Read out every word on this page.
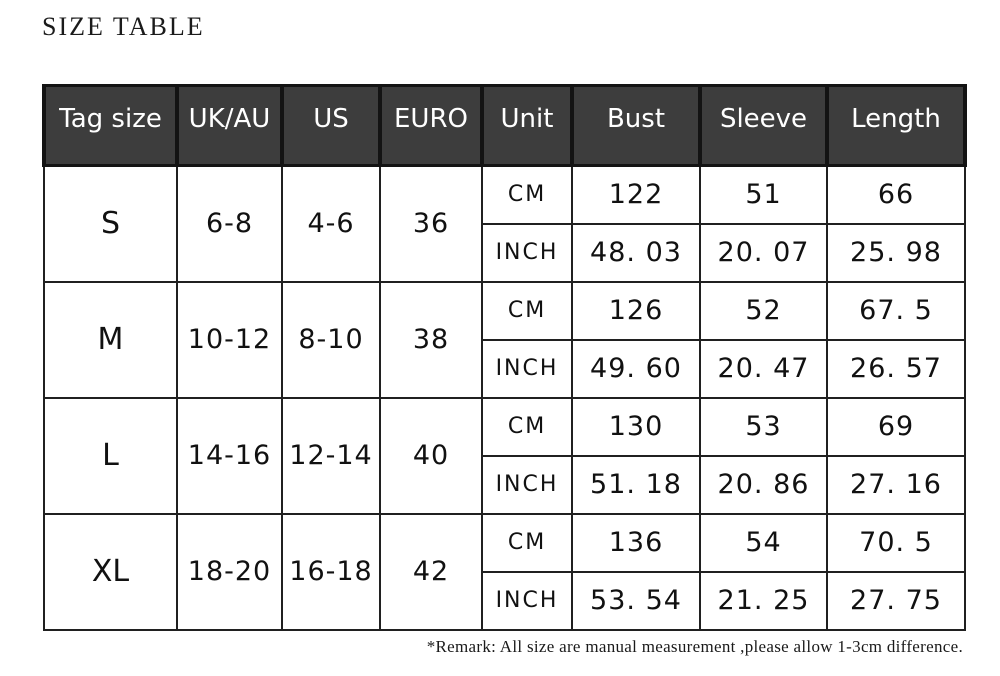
SIZE TABLE
Tag size	UK/AU	US	EURO	Unit	Bust	Sleeve	Length
S	6-8	4-6	36	CM	122	51	66
				INCH	48. 03	20. 07	25. 98
M	10-12	8-10	38	CM	126	52	67. 5
				INCH	49. 60	20. 47	26. 57
L	14-16	12-14	40	CM	130	53	69
				INCH	51. 18	20. 86	27. 16
XL	18-20	16-18	42	CM	136	54	70. 5
				INCH	53. 54	21. 25	27. 75
*Remark: All size are manual measurement ,please allow 1-3cm difference.
